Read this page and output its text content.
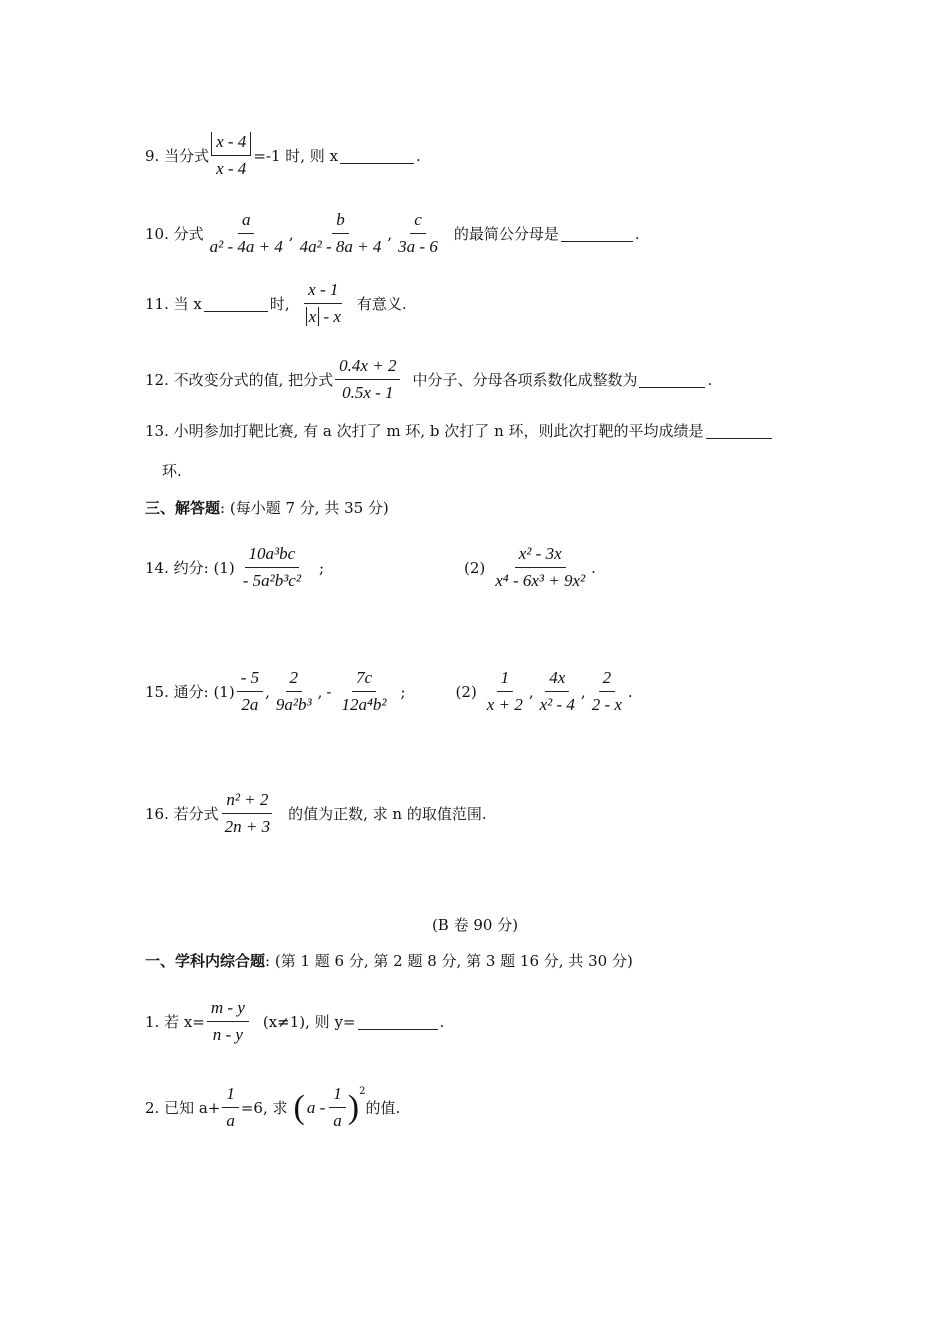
9. 当分式 $\frac{x - 4}{x - 4} =-1$ 时, 则 x	.
10. 分式 $\frac{a}{\text{a² - 4a + 4}}$ , $\frac{b}{\text{4a² - 8a + 4}}$ , $\frac{c}{3a - 6}$ 的最简公分母是	.
11. 当 x	时, $\frac{x - 1}{x - x}$ 有意义.
12. 不改变分式的值, 把分式 $\frac{0.4x + 2}{0.5x - 1}$ 中分子、分母各项系数化成整数为	.
13. 小明参加打靶比赛, 有 a 次打了 m 环, b 次打了 n 环，则此次打靶的平均成绩是
环.
三、解答题 : (每小题 7 分, 共 35 分)
14. 约分: $(1) \frac{\text{10a³bc}}{\text{- 5a²b³c²}}$ ;	$(2) \frac{\text{x² - 3x}}{\text{x⁴ - 6x³ + 9x²}}$ .
15. 通分: $(1) \frac{- 5}{2a}$ , $\frac{2}{\text{9a²b³}}$ , - $\frac{7c}{\text{12a⁴b²}}$ ;	$(2) \frac{1}{x + 2}$ , $\frac{4x}{\text{x² - 4}}$ , $\frac{2}{2 - x}$ .
16. 若分式 $\frac{\text{n² + 2}}{2n + 3}$ 的值为正数, 求 n 的取值范围.
(B 卷 90 分)
一、学科内综合题 : (第 1 题 6 分, 第 2 题 8 分, 第 3 题 16 分, 共 30 分)
1. 若 $x= \frac{m - y}{n - y} (x\ne 1)$, 则 y=	.
2. 已知 $a+ \frac{1}{a} =6$, 求 ( a - $\frac{1}{a} )^2$
的值.
